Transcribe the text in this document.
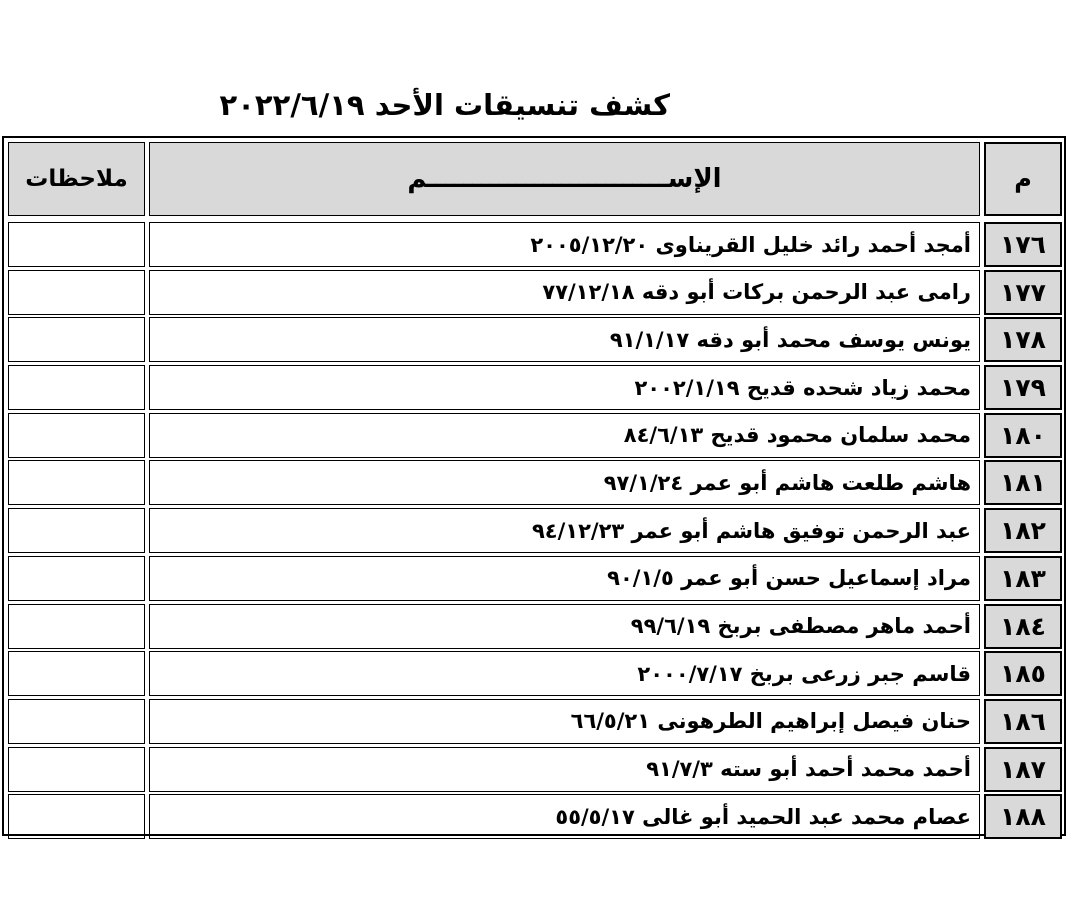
كشف تنسيقات الأحد ٢٠٢٢/٦/١٩
م
الإســـــــــــــــــــــــــــم
ملاحظات
١٧٦
أمجد أحمد رائد خليل القريناوى ٢٠٠٥/١٢/٢٠
١٧٧
رامى عبد الرحمن بركات أبو دقه ٧٧/١٢/١٨
١٧٨
يونس يوسف محمد أبو دقه ٩١/١/١٧
١٧٩
محمد زياد شحده قديح ٢٠٠٢/١/١٩
١٨٠
محمد سلمان محمود قديح ٨٤/٦/١٣
١٨١
هاشم طلعت هاشم أبو عمر ٩٧/١/٢٤
١٨٢
عبد الرحمن توفيق هاشم أبو عمر ٩٤/١٢/٢٣
١٨٣
مراد إسماعيل حسن أبو عمر ٩٠/١/٥
١٨٤
أحمد ماهر مصطفى بربخ ٩٩/٦/١٩
١٨٥
قاسم جبر زرعى بربخ ٢٠٠٠/٧/١٧
١٨٦
حنان فيصل إبراهيم الطرهونى ٦٦/٥/٢١
١٨٧
أحمد محمد أحمد أبو سته ٩١/٧/٣
١٨٨
عصام محمد عبد الحميد أبو غالى ٥٥/٥/١٧
